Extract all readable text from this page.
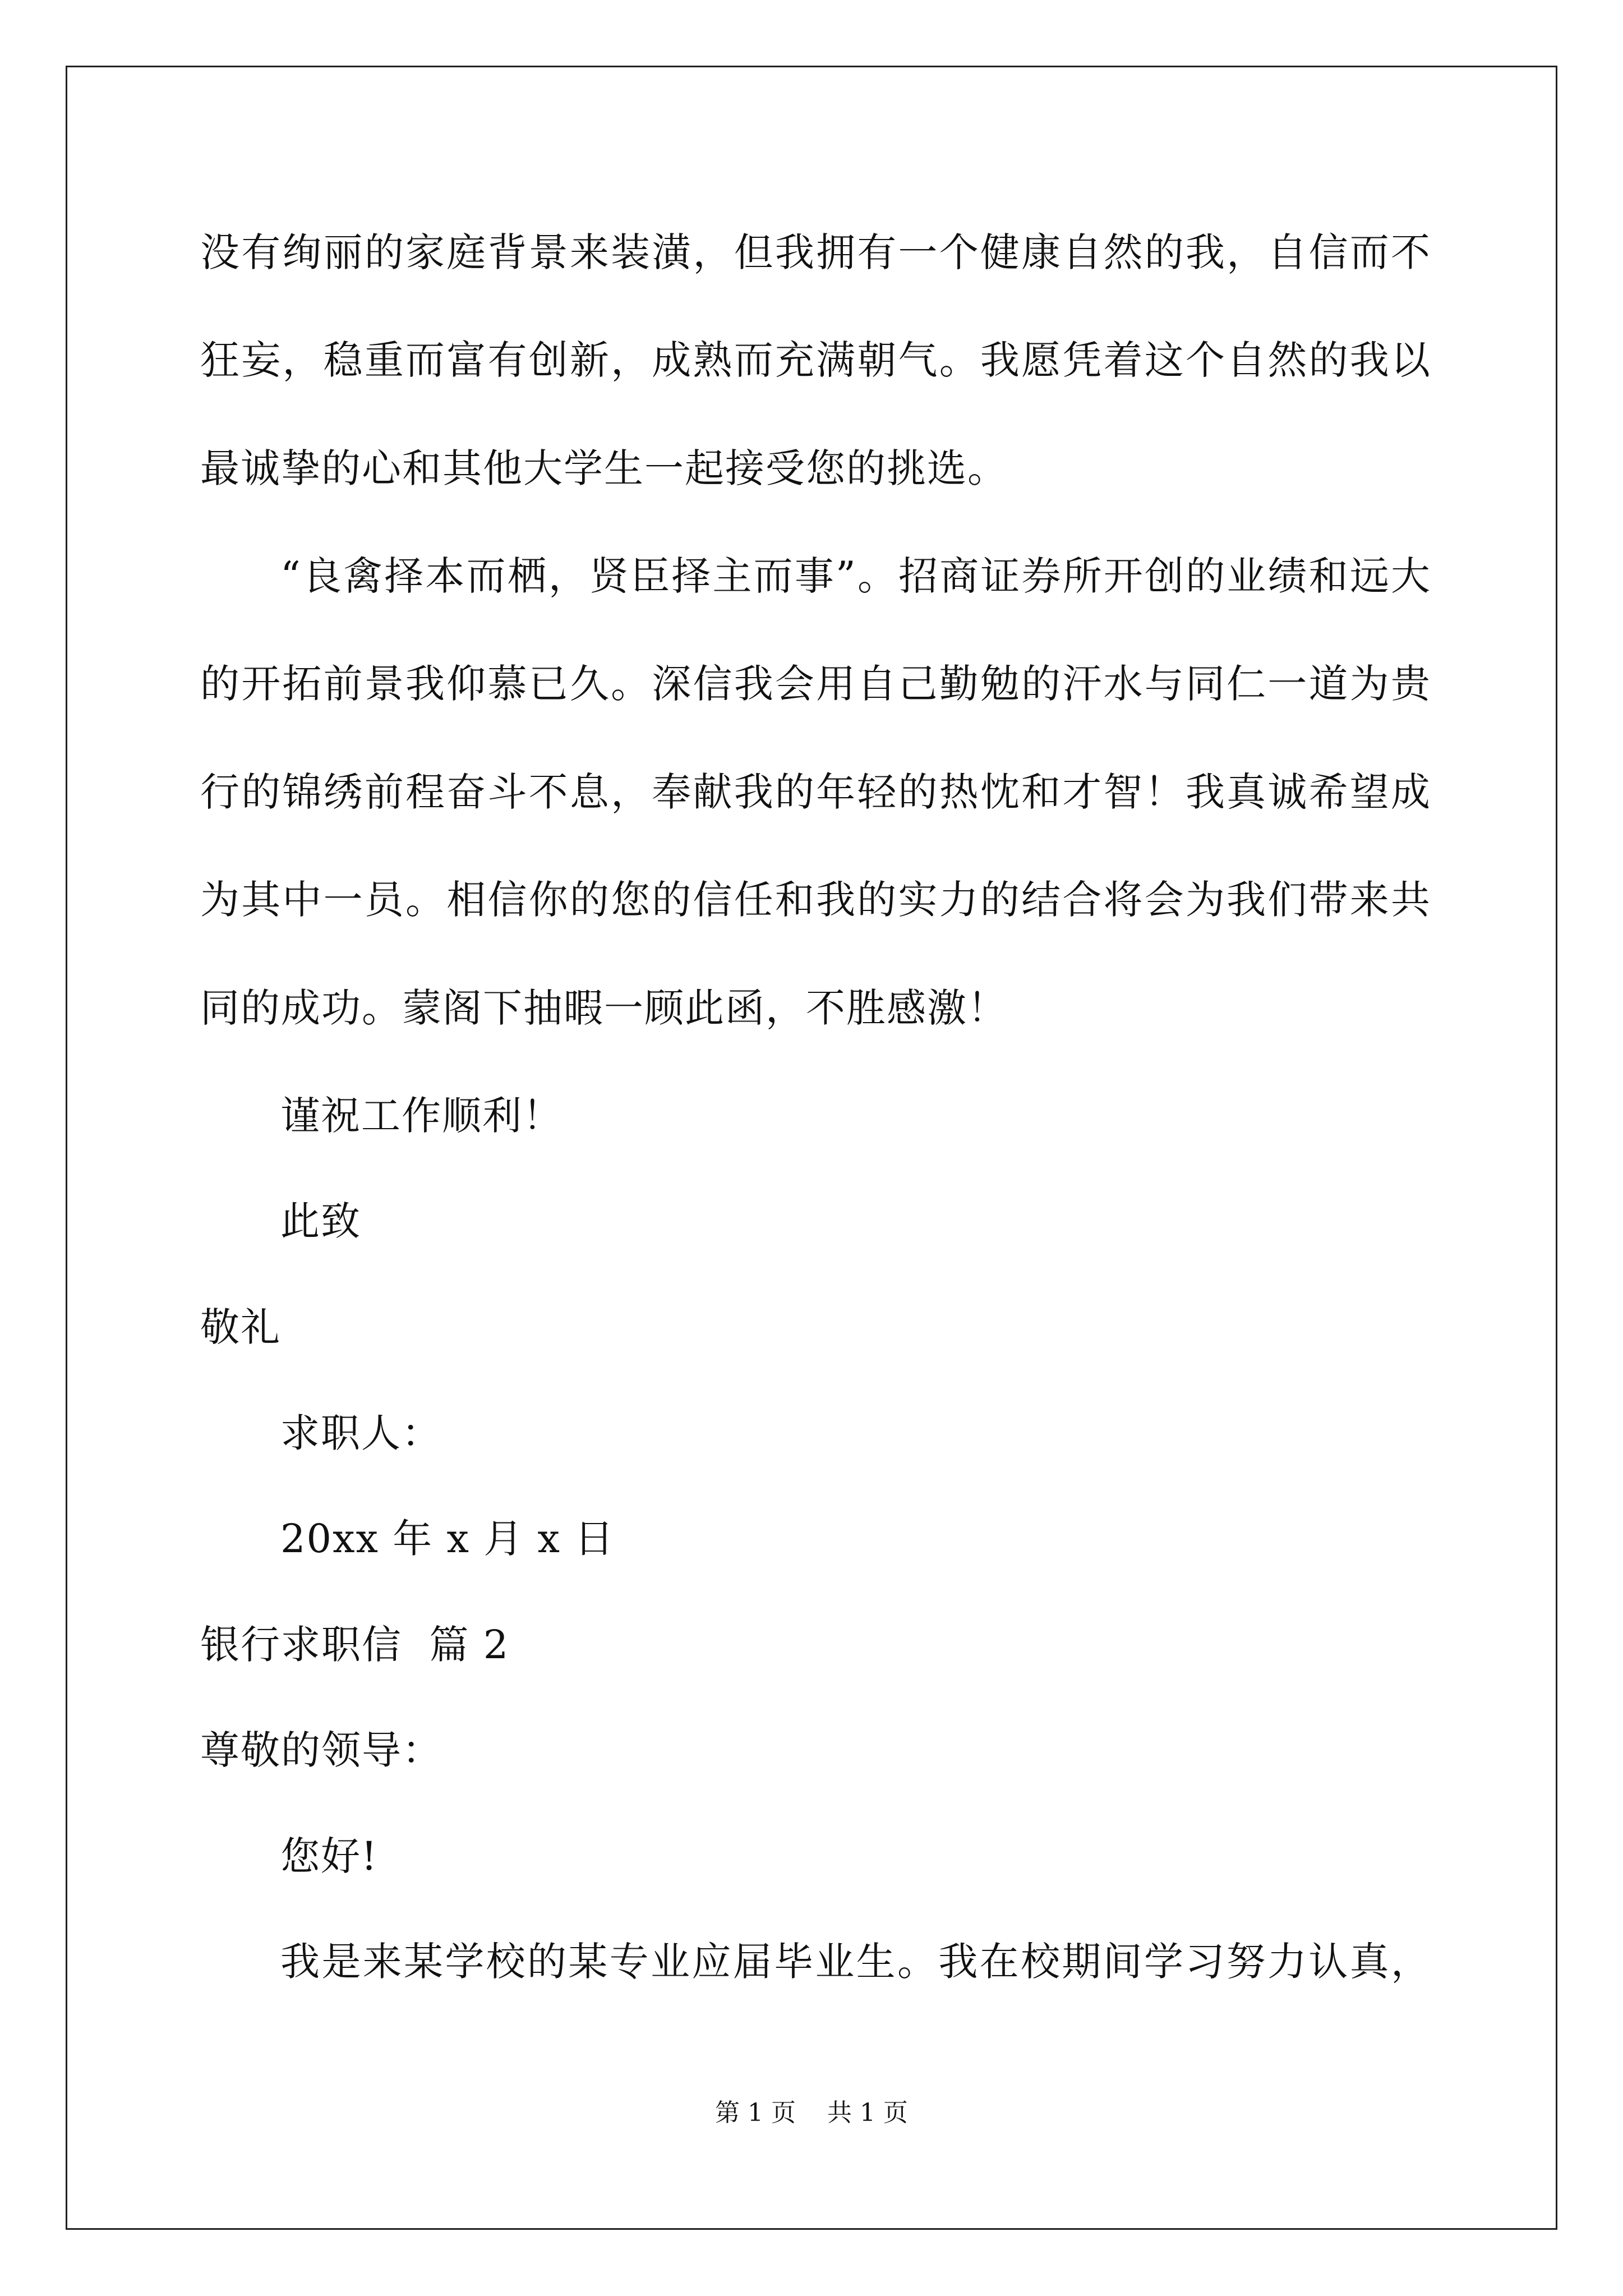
没有绚丽的家庭背景来装潢，但我拥有一个健康自然的我，自信而不
狂妄，稳重而富有创新，成熟而充满朝气。我愿凭着这个自然的我以
最诚挚的心和其他大学生一起接受您的挑选。
“良禽择本而栖，贤臣择主而事”。招商证券所开创的业绩和远大
的开拓前景我仰慕已久。深信我会用自己勤勉的汗水与同仁一道为贵
行的锦绣前程奋斗不息，奉献我的年轻的热忱和才智！我真诚希望成
为其中一员。相信你的您的信任和我的实力的结合将会为我们带来共
同的成功。蒙阁下抽暇一顾此函，不胜感激！
谨祝工作顺利！
此致
敬礼
求职人：
20xx 年 x 月 x 日
银行求职信  篇 2
尊敬的领导：
您好!
我是来某学校的某专业应届毕业生。我在校期间学习努力认真，
第 1 页    共 1 页
